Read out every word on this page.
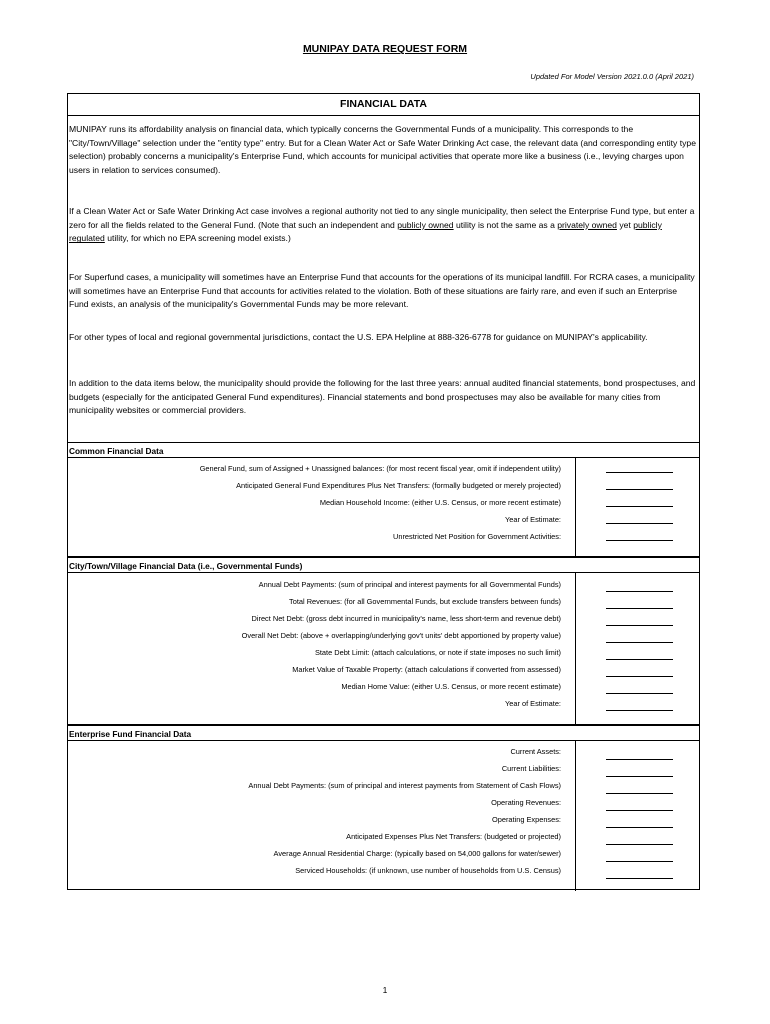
MUNIPAY DATA REQUEST FORM
Updated For Model Version 2021.0.0 (April 2021)
FINANCIAL DATA
MUNIPAY runs its affordability analysis on financial data, which typically concerns the Governmental Funds of a municipality. This corresponds to the "City/Town/Village" selection under the "entity type" entry. But for a Clean Water Act or Safe Water Drinking Act case, the relevant data (and corresponding entity type selection) probably concerns a municipality's Enterprise Fund, which accounts for municipal activities that operate more like a business (i.e., levying charges upon users in relation to services consumed).
If a Clean Water Act or Safe Water Drinking Act case involves a regional authority not tied to any single municipality, then select the Enterprise Fund type, but enter a zero for all the fields related to the General Fund. (Note that such an independent and publicly owned utility is not the same as a privately owned yet publicly regulated utility, for which no EPA screening model exists.)
For Superfund cases, a municipality will sometimes have an Enterprise Fund that accounts for the operations of its municipal landfill. For RCRA cases, a municipality will sometimes have an Enterprise Fund that accounts for activities related to the violation. Both of these situations are fairly rare, and even if such an Enterprise Fund exists, an analysis of the municipality's Governmental Funds may be more relevant.
For other types of local and regional governmental jurisdictions, contact the U.S. EPA Helpline at 888-326-6778 for guidance on MUNIPAY's applicability.
In addition to the data items below, the municipality should provide the following for the last three years: annual audited financial statements, bond prospectuses, and budgets (especially for the anticipated General Fund expenditures). Financial statements and bond prospectuses may also be available for many cities from municipality websites or commercial providers.
Common Financial Data
General Fund, sum of Assigned + Unassigned balances: (for most recent fiscal year, omit if independent utility)
Anticipated General Fund Expenditures Plus Net Transfers: (formally budgeted or merely projected)
Median Household Income: (either U.S. Census, or more recent estimate)
Year of Estimate:
Unrestricted Net Position for Government Activities:
City/Town/Village Financial Data (i.e., Governmental Funds)
Annual Debt Payments: (sum of principal and interest payments for all Governmental Funds)
Total Revenues: (for all Governmental Funds, but exclude transfers between funds)
Direct Net Debt: (gross debt incurred in municipality's name, less short-term and revenue debt)
Overall Net Debt: (above + overlapping/underlying gov't units' debt apportioned by property value)
State Debt Limit: (attach calculations, or note if state imposes no such limit)
Market Value of Taxable Property: (attach calculations if converted from assessed)
Median Home Value: (either U.S. Census, or more recent estimate)
Year of Estimate:
Enterprise Fund Financial Data
Current Assets:
Current Liabilities:
Annual Debt Payments: (sum of principal and interest payments from Statement of Cash Flows)
Operating Revenues:
Operating Expenses:
Anticipated Expenses Plus Net Transfers: (budgeted or projected)
Average Annual Residential Charge: (typically based on 54,000 gallons for water/sewer)
Serviced Households: (if unknown, use number of households from U.S. Census)
1
